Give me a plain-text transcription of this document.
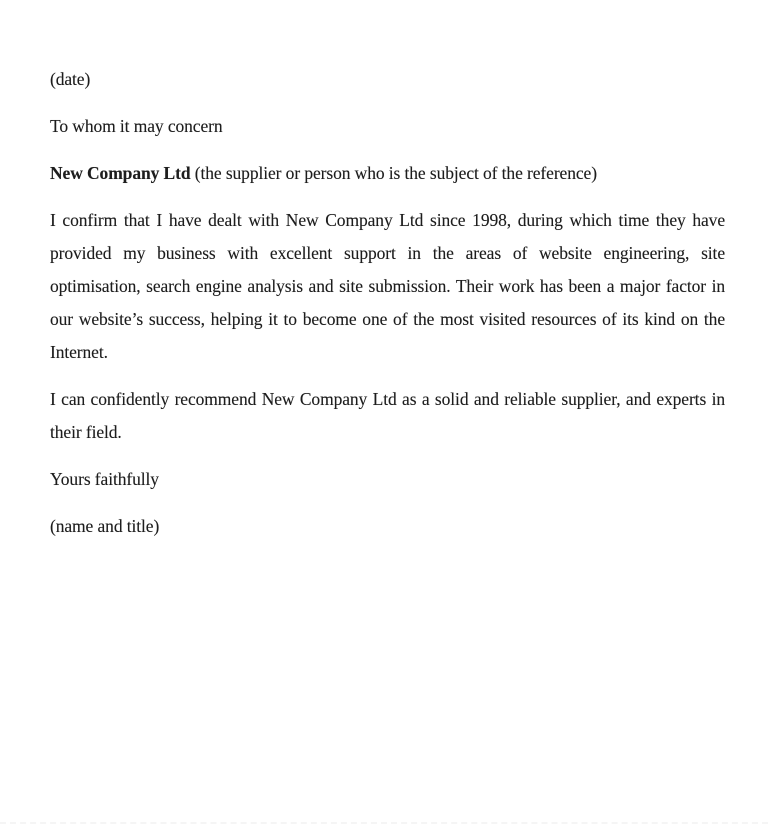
(date)

To whom it may concern

New Company Ltd (the supplier or person who is the subject of the reference)

I confirm that I have dealt with New Company Ltd since 1998, during which time they have provided my business with excellent support in the areas of website engineering, site optimisation, search engine analysis and site submission. Their work has been a major factor in our website’s success, helping it to become one of the most visited resources of its kind on the Internet.

I can confidently recommend New Company Ltd as a solid and reliable supplier, and experts in their field.

Yours faithfully

(name and title)
